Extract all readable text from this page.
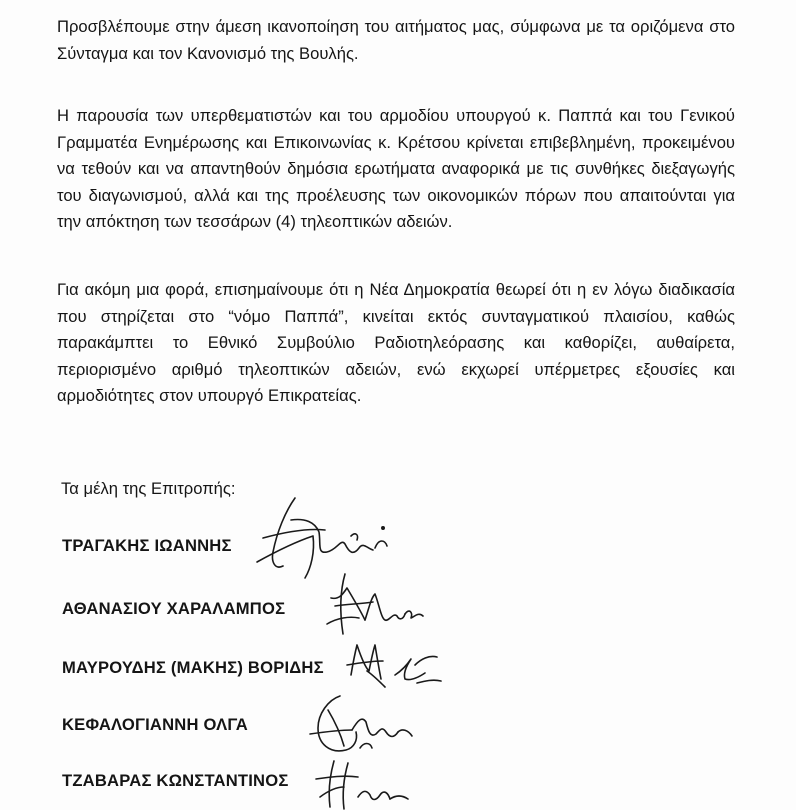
Προσβλέπουμε στην άμεση ικανοποίηση του αιτήματος μας, σύμφωνα με τα οριζόμενα στο
Σύνταγμα και τον Κανονισμό της Βουλής.

Η παρουσία των υπερθεματιστών και του αρμοδίου υπουργού κ. Παππά και του Γενικού
Γραμματέα Ενημέρωσης και Επικοινωνίας κ. Κρέτσου κρίνεται επιβεβλημένη, προκειμένου
να τεθούν και να απαντηθούν δημόσια ερωτήματα αναφορικά με τις συνθήκες διεξαγωγής
του διαγωνισμού, αλλά και της προέλευσης των οικονομικών πόρων που απαιτούνται για
την απόκτηση των τεσσάρων (4) τηλεοπτικών αδειών.

Για ακόμη μια φορά, επισημαίνουμε ότι η Νέα Δημοκρατία θεωρεί ότι η εν λόγω διαδικασία
που στηρίζεται στο “νόμο Παππά”, κινείται εκτός συνταγματικού πλαισίου, καθώς
παρακάμπτει το Εθνικό Συμβούλιο Ραδιοτηλεόρασης και καθορίζει, αυθαίρετα,
περιορισμένο αριθμό τηλεοπτικών αδειών, ενώ εκχωρεί υπέρμετρες εξουσίες και
αρμοδιότητες στον υπουργό Επικρατείας.

Τα μέλη της Επιτροπής:

ΤΡΑΓΑΚΗΣ ΙΩΑΝΝΗΣ

ΑΘΑΝΑΣΙΟΥ ΧΑΡΑΛΑΜΠΟΣ

ΜΑΥΡΟΥΔΗΣ (ΜΑΚΗΣ) ΒΟΡΙΔΗΣ

ΚΕΦΑΛΟΓΙΑΝΝΗ ΟΛΓΑ

ΤΖΑΒΑΡΑΣ ΚΩΝΣΤΑΝΤΙΝΟΣ
